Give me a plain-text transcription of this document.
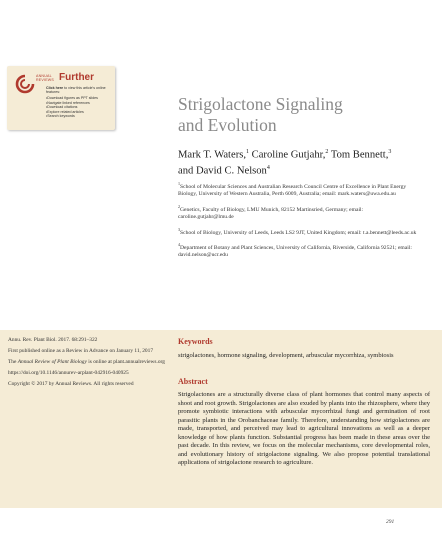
ANNUAL
REVIEWS Further
Click here to view this article's online features:
• Download figures as PPT slides
• Navigate linked references
• Download citations
• Explore related articles
• Search keywords
Strigolactone Signaling
and Evolution
Mark T. Waters,$^1$ Caroline Gutjahr,$^2$ Tom Bennett,$^3$
and David C. Nelson$^4$
$^1$School of Molecular Sciences and Australian Research Council Centre of Excellence in Plant Energy Biology, University of Western Australia, Perth 6009, Australia; email: mark.waters@uwa.edu.au
$^2$Genetics, Faculty of Biology, LMU Munich, 82152 Martinsried, Germany; email: caroline.gutjahr@lmu.de
$^3$School of Biology, University of Leeds, Leeds LS2 9JT, United Kingdom; email: t.a.bennett@leeds.ac.uk
$^4$Department of Botany and Plant Sciences, University of California, Riverside, California 92521; email: david.nelson@ucr.edu

Annu. Rev. Plant Biol. 2017. 68:291–322

First published online as a Review in Advance on January 11, 2017

The Annual Review of Plant Biology is online at plant.annualreviews.org

https://doi.org/10.1146/annurev-arplant-042916-040925

Copyright © 2017 by Annual Reviews. All rights reserved

Keywords
strigolactones, hormone signaling, development, arbuscular mycorrhiza, symbiosis
Abstract

Strigolactones are a structurally diverse class of plant hormones that control many aspects of shoot and root growth. Strigolactones are also exuded by plants into the rhizosphere, where they promote symbiotic interactions with arbuscular mycorrhizal fungi and germination of root parasitic plants in the Orobanchaceae family. Therefore, understanding how strigolactones are made, transported, and perceived may lead to agricultural innovations as well as a deeper knowledge of how plants function. Substantial progress has been made in these areas over the past decade. In this review, we focus on the molecular mechanisms, core developmental roles, and evolutionary history of strigolactone signaling. We also propose potential translational applications of strigolactone research to agriculture.

291
